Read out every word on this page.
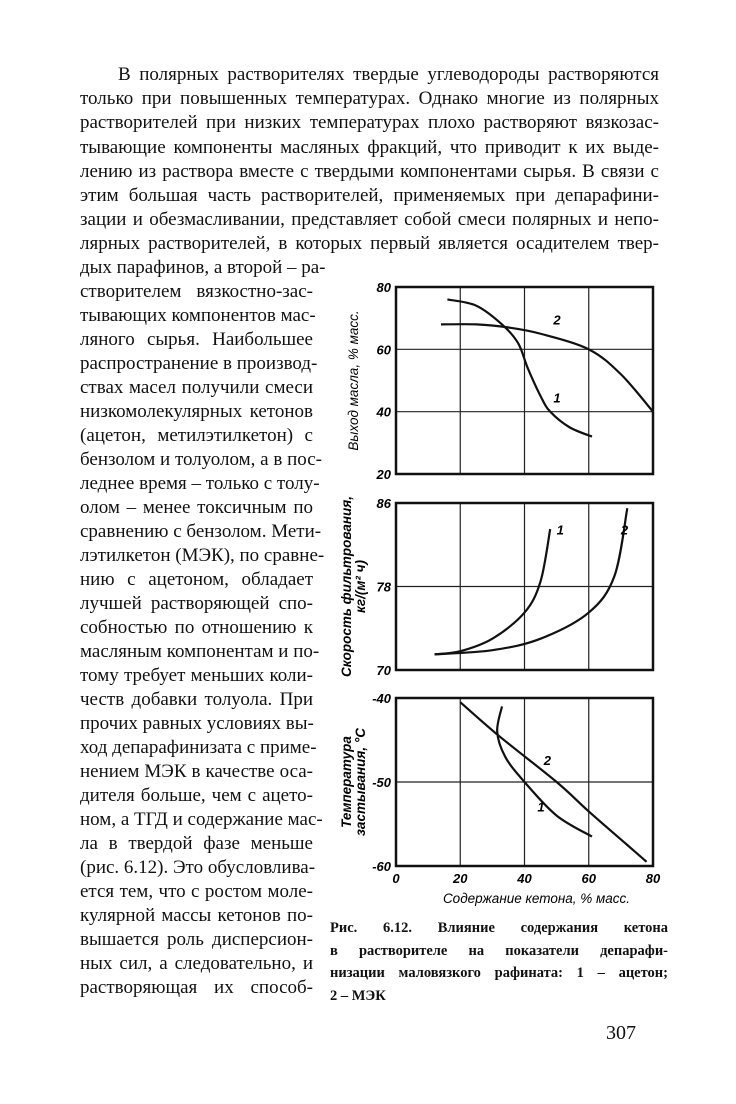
В полярных растворителях твердые углеводороды растворяются
только при повышенных температурах. Однако многие из полярных
растворителей при низких температурах плохо растворяют вязкозас-
тывающие компоненты масляных фракций, что приводит к их выде-
лению из раствора вместе с твердыми компонентами сырья. В связи с
этим большая часть растворителей, применяемых при депарафини-
зации и обезмасливании, представляет собой смеси полярных и непо-
лярных растворителей, в которых первый является осадителем твер-
дых парафинов, а второй – ра-
створителем вязкостно-зас-
тывающих компонентов мас-
ляного сырья. Наибольшее
распространение в производ-
ствах масел получили смеси
низкомолекулярных кетонов
(ацетон, метилэтилкетон) с
бензолом и толуолом, а в пос-
леднее время – только с толу-
олом – менее токсичным по
сравнению с бензолом. Мети-
лэтилкетон (МЭК), по сравне-
нию с ацетоном, обладает
лучшей растворяющей спо-
собностью по отношению к
масляным компонентам и по-
тому требует меньших коли-
честв добавки толуола. При
прочих равных условиях вы-
ход депарафинизата с приме-
нением МЭК в качестве оса-
дителя больше, чем с ацето-
ном, а ТГД и содержание мас-
ла в твердой фазе меньше
(рис. 6.12). Это обусловлива-
ется тем, что с ростом моле-
кулярной массы кетонов по-
вышается роль дисперсион-
ных сил, а следовательно, и
растворяющая их способ-
20
40
60
80
Выход масла, % масс.	1
2
70
78
86
Скорость фильтрования, кг/(м² ч)
1	2
-60
-50
-40
Температура застывания, °С	1
2
0	20	40	60	80
Содержание кетона, % масс.
Рис. 6.12. Влияние содержания кетона
в растворителе на показатели депарафи-
низации маловязкого рафината: 1 – ацетон;
2 – МЭК
307
